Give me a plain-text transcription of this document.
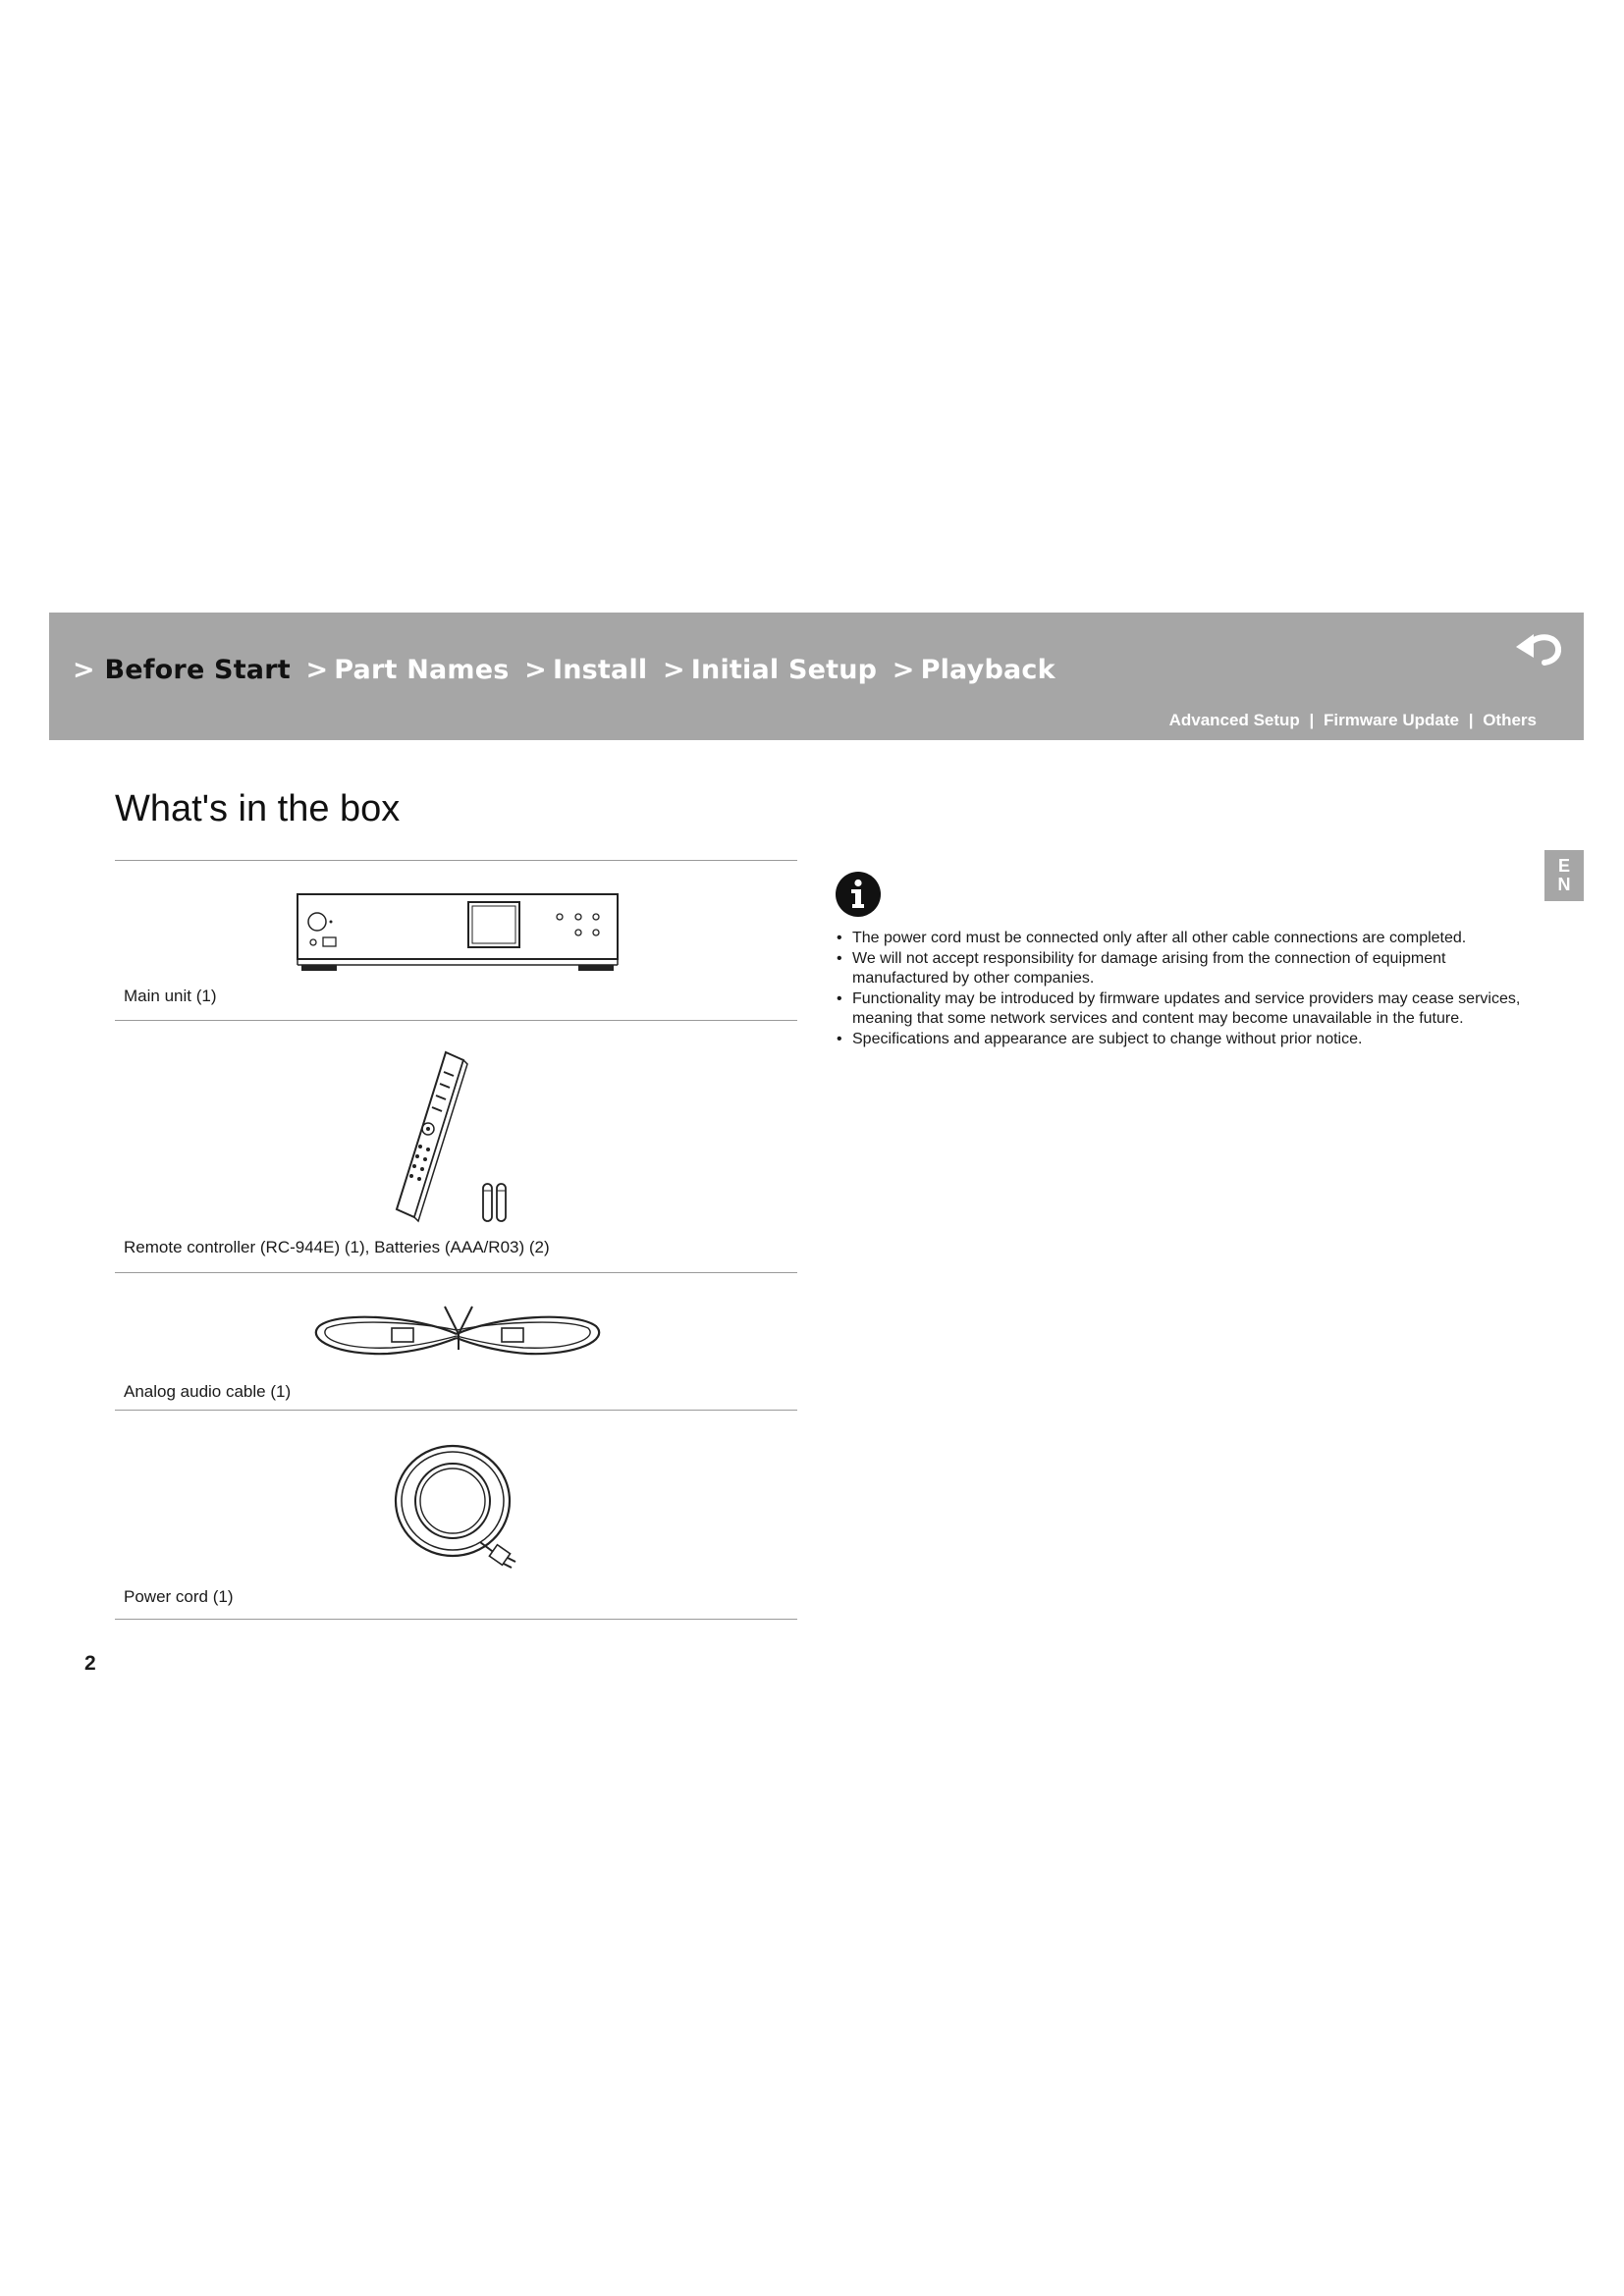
> Before Start > Part Names > Install > Initial Setup > Playback
Advanced Setup | Firmware Update | Others
What's in the box
E
N
Main unit (1)
Remote controller (RC-944E) (1), Batteries (AAA/R03) (2)
Analog audio cable (1)
Power cord (1)
• The power cord must be connected only after all other cable connections are completed.
• We will not accept responsibility for damage arising from the connection of equipment manufactured by other companies.
• Functionality may be introduced by firmware updates and service providers may cease services, meaning that some network services and content may become unavailable in the future.
• Specifications and appearance are subject to change without prior notice.
2
